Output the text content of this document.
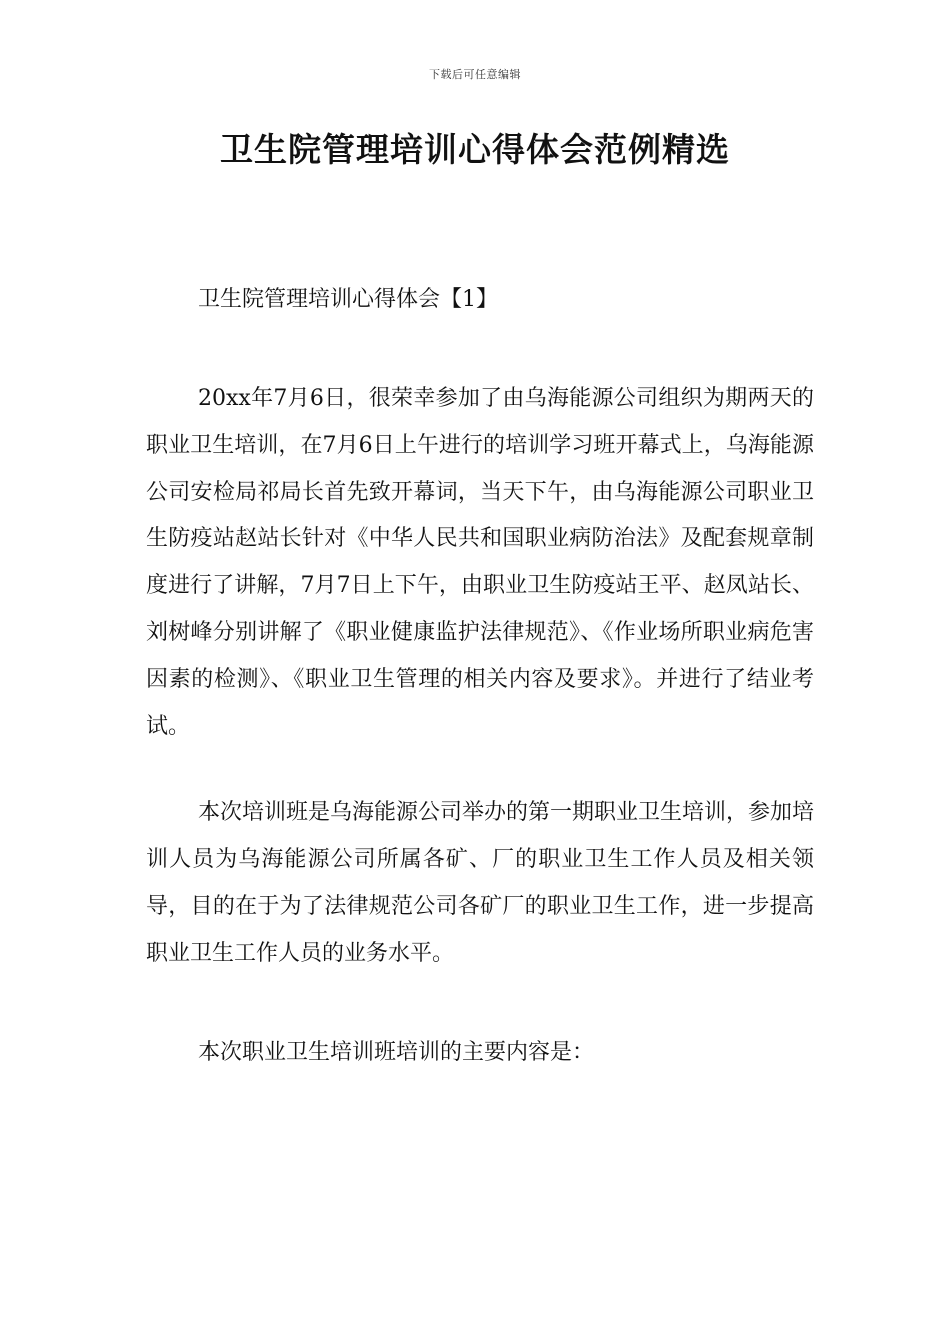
下载后可任意编辑
卫生院管理培训心得体会范例精选
卫生院管理培训心得体会【1】

20xx年7月6日，很荣幸参加了由乌海能源公司组织为期两天的职业卫生培训，在7月6日上午进行的培训学习班开幕式上，乌海能源公司安检局祁局长首先致开幕词，当天下午，由乌海能源公司职业卫生防疫站赵站长针对《中华人民共和国职业病防治法》及配套规章制度进行了讲解，7月7日上下午，由职业卫生防疫站王平、赵凤站长、刘树峰分别讲解了《职业健康监护法律规范》、《作业场所职业病危害因素的检测》、《职业卫生管理的相关内容及要求》。并进行了结业考试。

本次培训班是乌海能源公司举办的第一期职业卫生培训，参加培训人员为乌海能源公司所属各矿、厂的职业卫生工作人员及相关领导，目的在于为了法律规范公司各矿厂的职业卫生工作，进一步提高职业卫生工作人员的业务水平。

本次职业卫生培训班培训的主要内容是：
